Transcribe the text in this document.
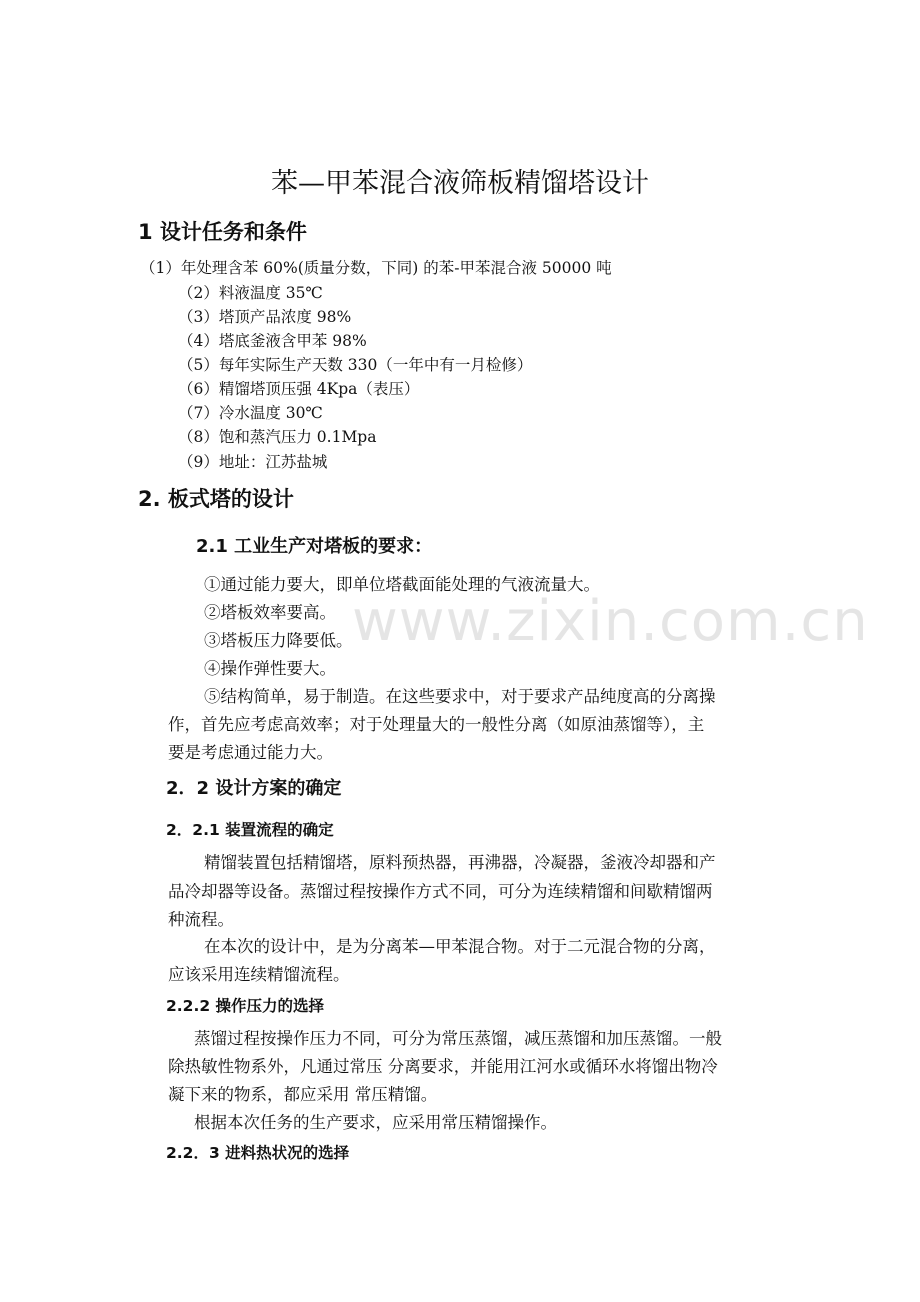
苯—甲苯混合液筛板精馏塔设计
1 设计任务和条件
（1）年处理含苯 60%(质量分数，下同) 的苯-甲苯混合液 50000 吨
（2）料液温度 35℃
（3）塔顶产品浓度 98%
（4）塔底釜液含甲苯 98%
（5）每年实际生产天数 330（一年中有一月检修）
（6）精馏塔顶压强 4Kpa（表压）
（7）冷水温度 30℃
（8）饱和蒸汽压力 0.1Mpa
（9）地址：江苏盐城
2. 板式塔的设计
2.1 工业生产对塔板的要求：
①通过能力要大，即单位塔截面能处理的气液流量大。
②塔板效率要高。
③塔板压力降要低。
④操作弹性要大。
⑤结构简单，易于制造。在这些要求中，对于要求产品纯度高的分离操
作，首先应考虑高效率；对于处理量大的一般性分离（如原油蒸馏等），主
要是考虑通过能力大。
2．2 设计方案的确定
2．2.1 装置流程的确定
精馏装置包括精馏塔，原料预热器，再沸器，冷凝器，釜液冷却器和产
品冷却器等设备。蒸馏过程按操作方式不同，可分为连续精馏和间歇精馏两
种流程。
在本次的设计中，是为分离苯—甲苯混合物。对于二元混合物的分离，
应该采用连续精馏流程。
2.2.2 操作压力的选择
蒸馏过程按操作压力不同，可分为常压蒸馏，减压蒸馏和加压蒸馏。一般
除热敏性物系外，凡通过常压 分离要求，并能用江河水或循环水将馏出物冷
凝下来的物系，都应采用 常压精馏。
根据本次任务的生产要求，应采用常压精馏操作。
2.2．3 进料热状况的选择
www.zixin.com.cn
